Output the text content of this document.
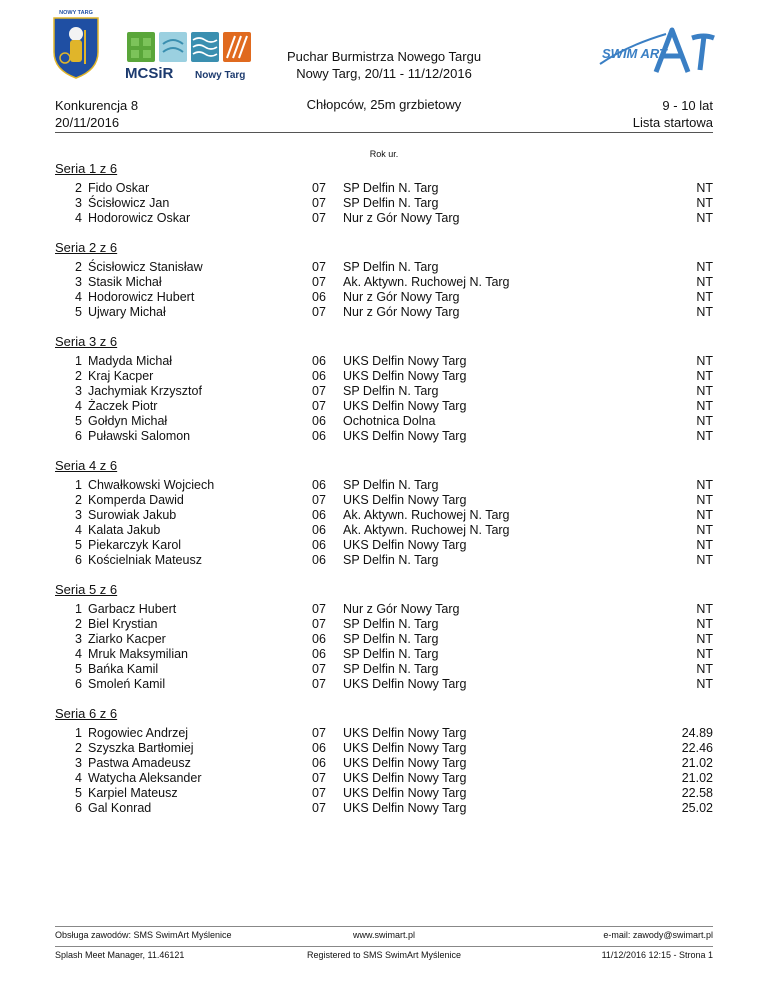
NOWY TARG
MCSiR Nowy Targ
SWIM ART
Puchar Burmistrza Nowego Targu
Nowy Targ, 20/11 - 11/12/2016
Konkurencja 8
20/11/2016
Chłopców, 25m grzbietowy	9 - 10 lat
Lista startowa
Rok ur.
Seria 1 z 6
2 Fido Oskar	07 SP Delfin N. Targ	NT
3 Ścisłowicz Jan	07 SP Delfin N. Targ	NT
4 Hodorowicz Oskar	07 Nur z Gór Nowy Targ	NT
Seria 2 z 6
2 Ścisłowicz Stanisław	07 SP Delfin N. Targ	NT
3 Stasik Michał	07 Ak. Aktywn. Ruchowej N. Targ	NT
4 Hodorowicz Hubert	06 Nur z Gór Nowy Targ	NT
5 Ujwary Michał	07 Nur z Gór Nowy Targ	NT
Seria 3 z 6
1 Madyda Michał	06 UKS Delfin Nowy Targ	NT
2 Kraj Kacper	06 UKS Delfin Nowy Targ	NT
3 Jachymiak Krzysztof	07 SP Delfin N. Targ	NT
4 Żaczek Piotr	07 UKS Delfin Nowy Targ	NT
5 Gołdyn Michał	06 Ochotnica Dolna	NT
6 Puławski Salomon	06 UKS Delfin Nowy Targ	NT
Seria 4 z 6
1 Chwałkowski Wojciech	06 SP Delfin N. Targ	NT
2 Komperda Dawid	07 UKS Delfin Nowy Targ	NT
3 Surowiak Jakub	06 Ak. Aktywn. Ruchowej N. Targ	NT
4 Kalata Jakub	06 Ak. Aktywn. Ruchowej N. Targ	NT
5 Piekarczyk Karol	06 UKS Delfin Nowy Targ	NT
6 Kościelniak Mateusz	06 SP Delfin N. Targ	NT
Seria 5 z 6
1 Garbacz Hubert	07 Nur z Gór Nowy Targ	NT
2 Biel Krystian	07 SP Delfin N. Targ	NT
3 Ziarko Kacper	06 SP Delfin N. Targ	NT
4 Mruk Maksymilian	06 SP Delfin N. Targ	NT
5 Bańka Kamil	07 SP Delfin N. Targ	NT
6 Smoleń Kamil	07 UKS Delfin Nowy Targ	NT
Seria 6 z 6
1 Rogowiec Andrzej	07 UKS Delfin Nowy Targ	24.89
2 Szyszka Bartłomiej	06 UKS Delfin Nowy Targ	22.46
3 Pastwa Amadeusz	06 UKS Delfin Nowy Targ	21.02
4 Watycha Aleksander	07 UKS Delfin Nowy Targ	21.02
5 Karpiel Mateusz	07 UKS Delfin Nowy Targ	22.58
6 Gal Konrad	07 UKS Delfin Nowy Targ	25.02
Obsługa zawodów: SMS SwimArt Myślenice	www.swimart.pl	e-mail: zawody@swimart.pl
Splash Meet Manager, 11.46121	Registered to SMS SwimArt Myślenice	11/12/2016 12:15 - Strona 1
